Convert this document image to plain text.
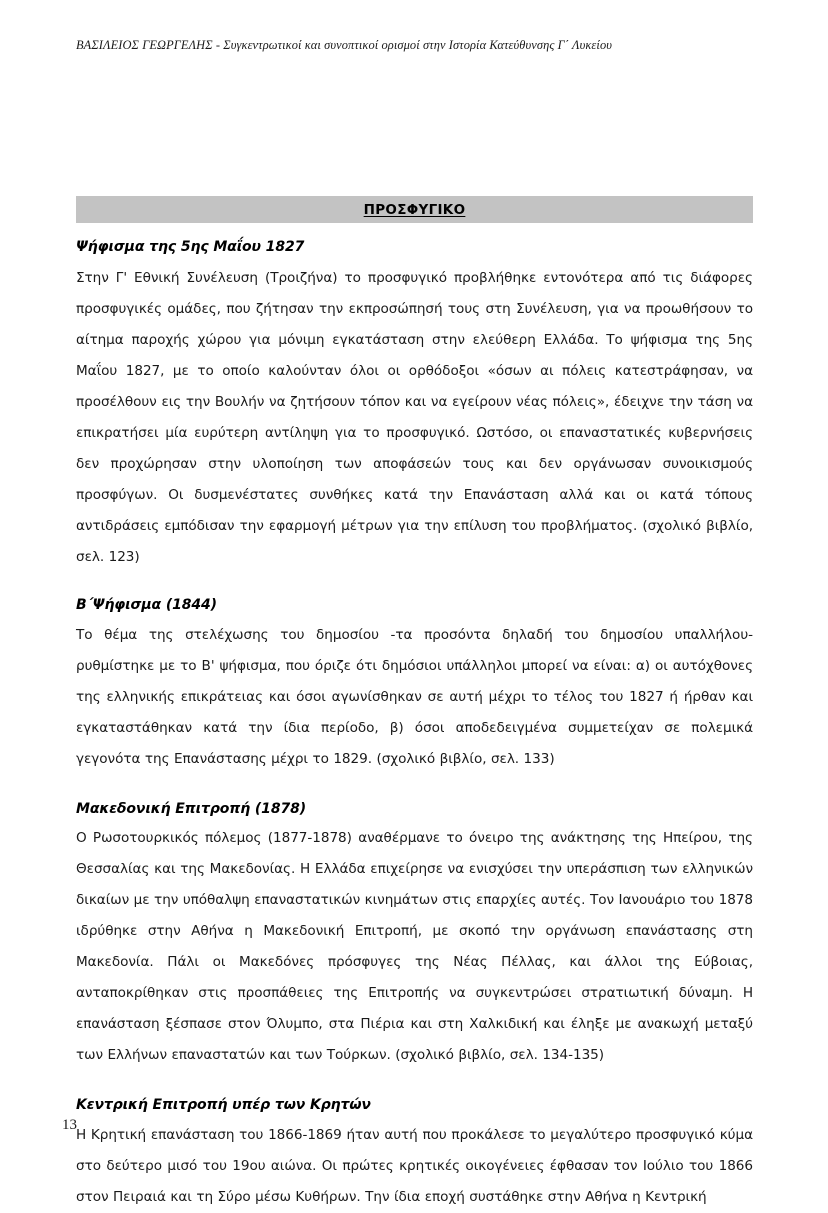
ΒΑΣΙΛΕΙΟΣ ΓΕΩΡΓΕΛΗΣ - Συγκεντρωτικοί και συνοπτικοί ορισμοί στην Ιστορία Κατεύθυνσης Γ΄ Λυκείου
ΠΡΟΣΦΥΓΙΚΟ
Ψήφισμα της 5ης Μαΐου 1827

Στην Γ' Εθνική Συνέλευση (Τροιζήνα) το προσφυγικό προβλήθηκε εντονότερα από τις διάφορες προσφυγικές ομάδες, που ζήτησαν την εκπροσώπησή τους στη Συνέλευση, για να προωθήσουν το αίτημα παροχής χώρου για μόνιμη εγκατάσταση στην ελεύθερη Ελλάδα. Το ψήφισμα της 5ης Μαΐου 1827, με το οποίο καλούνταν όλοι οι ορθόδοξοι «όσων αι πόλεις κατεστράφησαν, να προσέλθουν εις την Βουλήν να ζητήσουν τόπον και να εγείρουν νέας πόλεις», έδειχνε την τάση να επικρατήσει μία ευρύτερη αντίληψη για το προσφυγικό. Ωστόσο, οι επαναστατικές κυβερνήσεις δεν προχώρησαν στην υλοποίηση των αποφάσεών τους και δεν οργάνωσαν συνοικισμούς προσφύγων. Οι δυσμενέστατες συνθήκες κατά την Επανάσταση αλλά και οι κατά τόπους αντιδράσεις εμπόδισαν την εφαρμογή μέτρων για την επίλυση του προβλήματος. (σχολικό βιβλίο, σελ. 123)

Β΄Ψήφισμα (1844)

Το θέμα της στελέχωσης του δημοσίου -τα προσόντα δηλαδή του δημοσίου υπαλλήλου- ρυθμίστηκε με το Β' ψήφισμα, που όριζε ότι δημόσιοι υπάλληλοι μπορεί να είναι: α) οι αυτόχθονες της ελληνικής επικράτειας και όσοι αγωνίσθηκαν σε αυτή μέχρι το τέλος του 1827 ή ήρθαν και εγκαταστάθηκαν κατά την ίδια περίοδο, β) όσοι αποδεδειγμένα συμμετείχαν σε πολεμικά γεγονότα της Επανάστασης μέχρι το 1829. (σχολικό βιβλίο, σελ. 133)

Μακεδονική Επιτροπή (1878)

Ο Ρωσοτουρκικός πόλεμος (1877-1878) αναθέρμανε το όνειρο της ανάκτησης της Ηπείρου, της Θεσσαλίας και της Μακεδονίας. Η Ελλάδα επιχείρησε να ενισχύσει την υπεράσπιση των ελληνικών δικαίων με την υπόθαλψη επαναστατικών κινημάτων στις επαρχίες αυτές. Τον Ιανουάριο του 1878 ιδρύθηκε στην Αθήνα η Μακεδονική Επιτροπή, με σκοπό την οργάνωση επανάστασης στη Μακεδονία. Πάλι οι Μακεδόνες πρόσφυγες της Νέας Πέλλας, και άλλοι της Εύβοιας, ανταποκρίθηκαν στις προσπάθειες της Επιτροπής να συγκεντρώσει στρατιωτική δύναμη. Η επανάσταση ξέσπασε στον Όλυμπο, στα Πιέρια και στη Χαλκιδική και έληξε με ανακωχή μεταξύ των Ελλήνων επαναστατών και των Τούρκων. (σχολικό βιβλίο, σελ. 134-135)

Κεντρική Επιτροπή υπέρ των Κρητών

Η Κρητική επανάσταση του 1866-1869 ήταν αυτή που προκάλεσε το μεγαλύτερο προσφυγικό κύμα στο δεύτερο μισό του 19ου αιώνα. Οι πρώτες κρητικές οικογένειες έφθασαν τον Ιούλιο του 1866 στον Πειραιά και τη Σύρο μέσω Κυθήρων. Την ίδια εποχή συστάθηκε στην Αθήνα η Κεντρική

13
